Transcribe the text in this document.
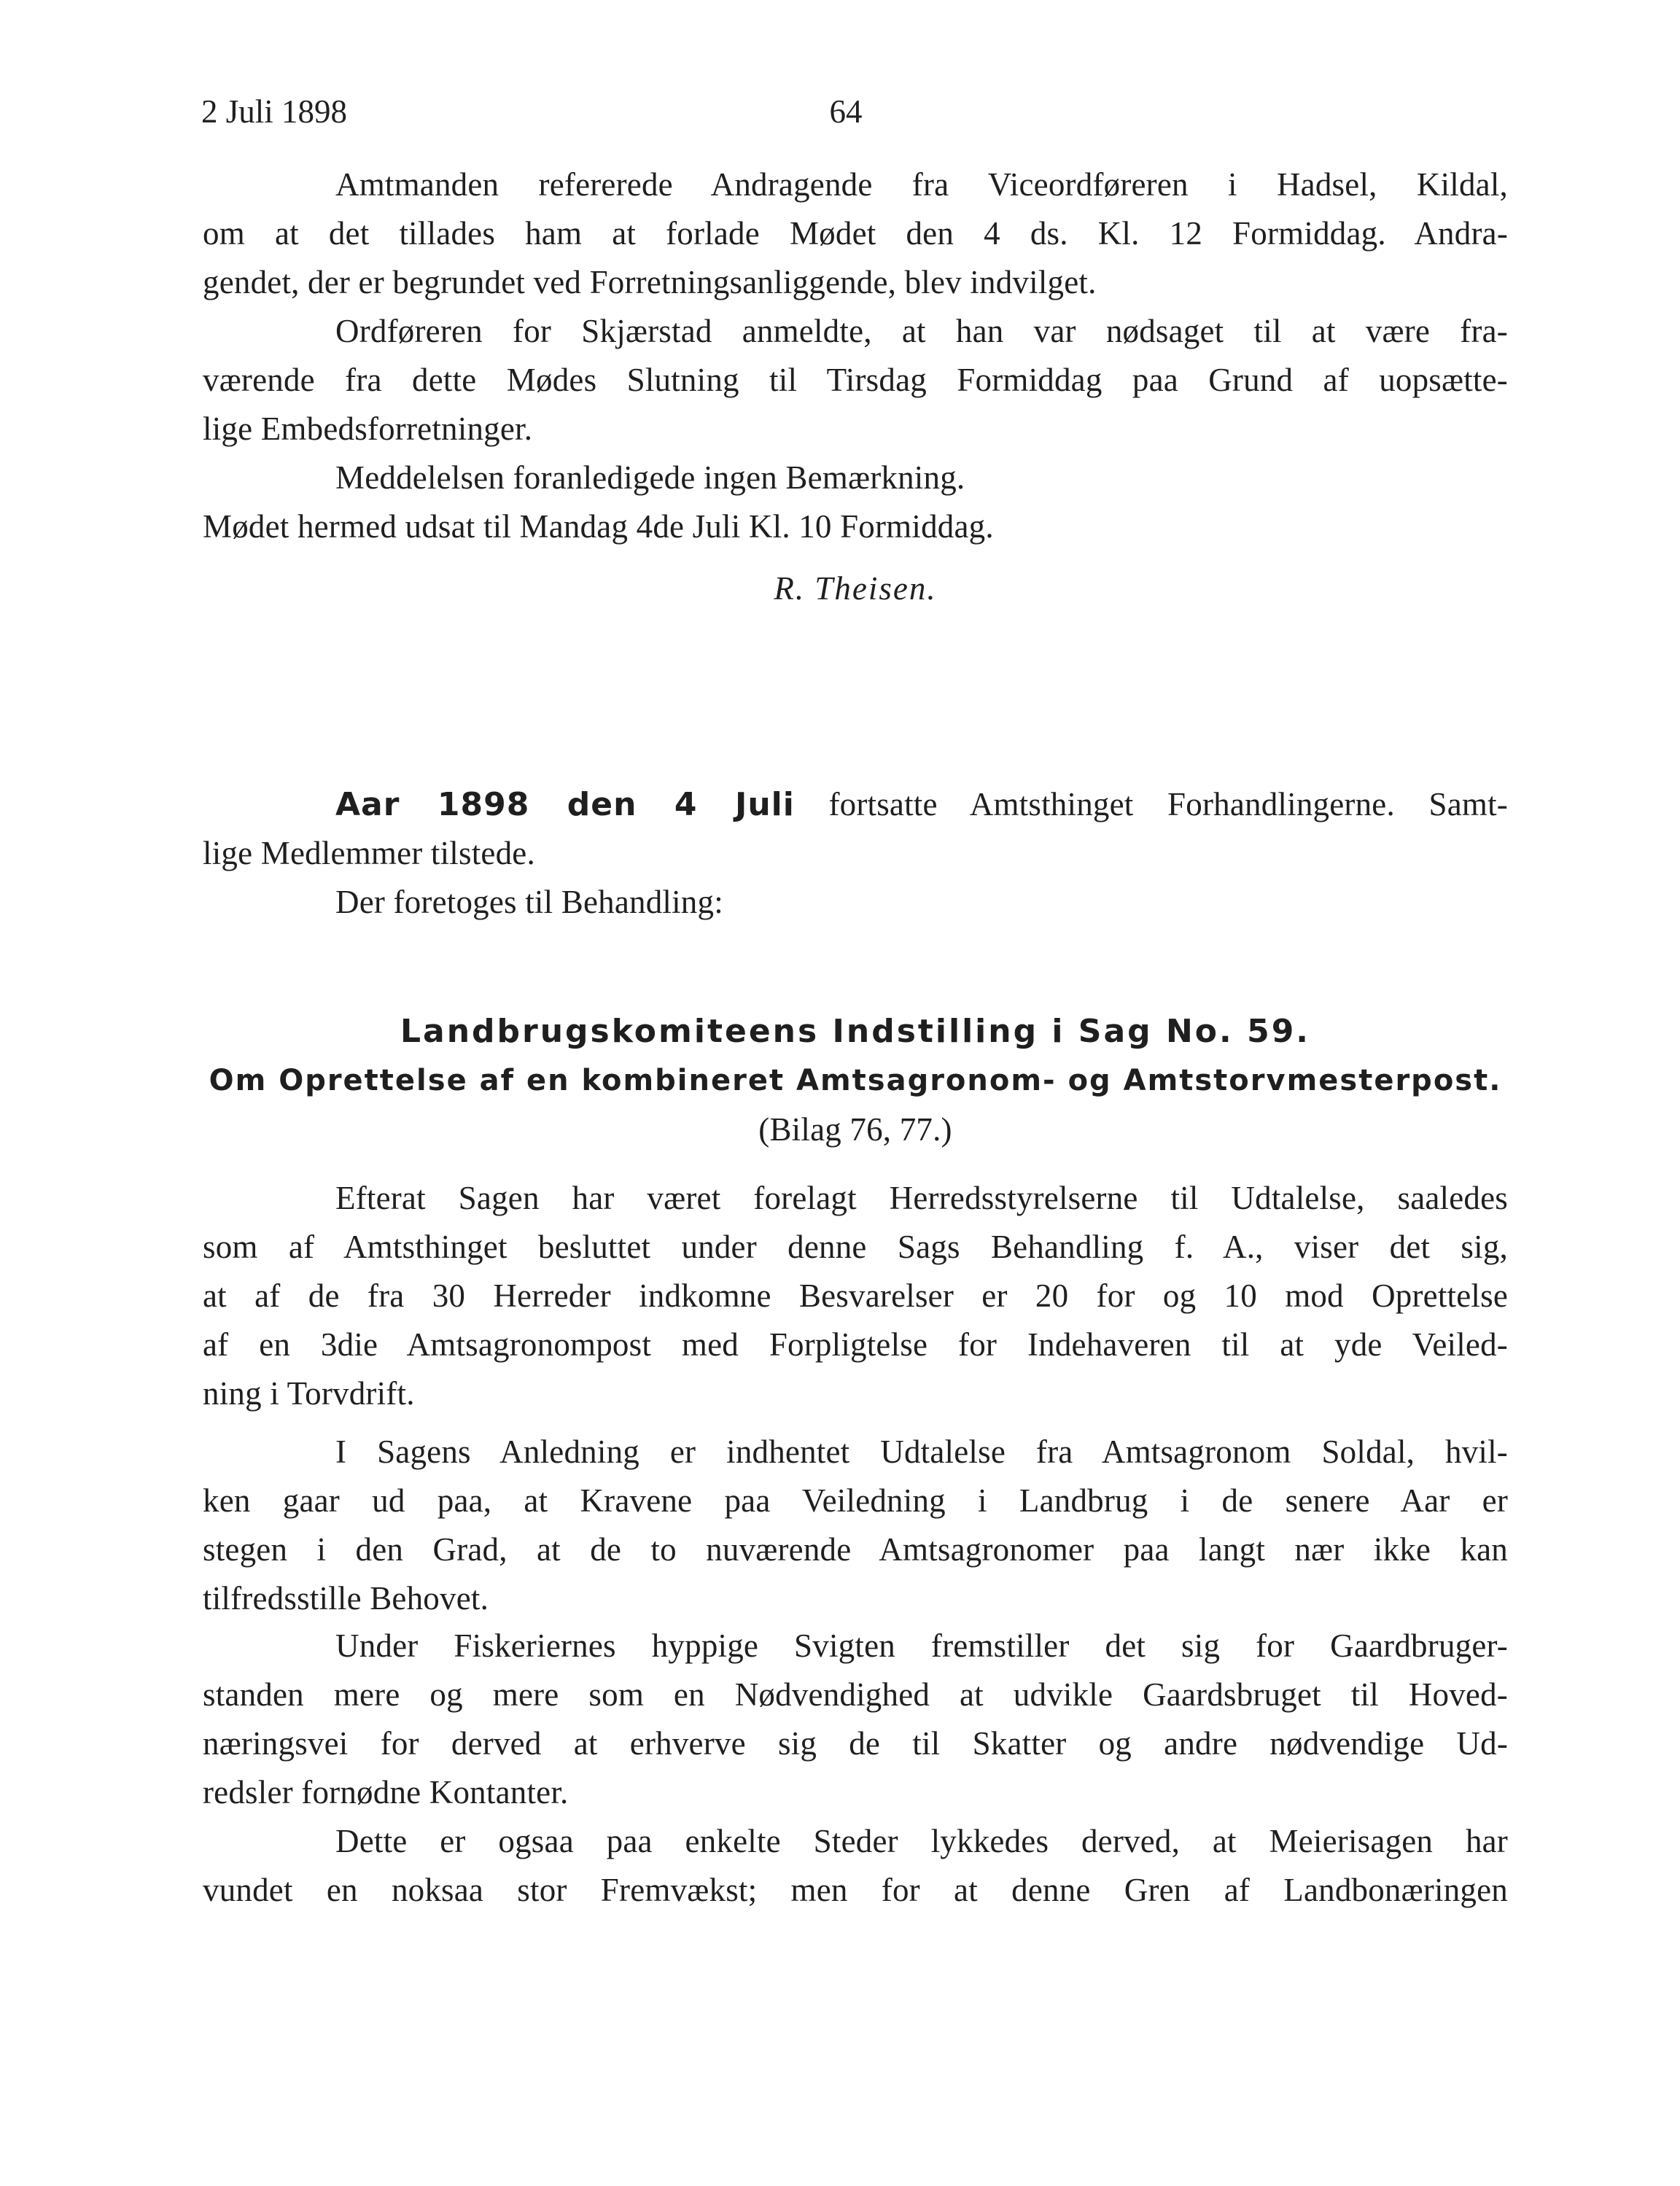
2 Juli 1898	64
Amtmanden refererede Andragende fra Viceordføreren i Hadsel, Kildal,
om at det tillades ham at forlade Mødet den 4 ds. Kl. 12 Formiddag. Andra-
gendet, der er begrundet ved Forretningsanliggende, blev indvilget.
Ordføreren for Skjærstad anmeldte, at han var nødsaget til at være fra-
værende fra dette Mødes Slutning til Tirsdag Formiddag paa Grund af uopsætte-
lige Embedsforretninger.
Meddelelsen foranledigede ingen Bemærkning.
Mødet hermed udsat til Mandag 4de Juli Kl. 10 Formiddag.
R. Theisen.
Aar 1898 den 4 Juli fortsatte Amtsthinget Forhandlingerne. Samt-
lige Medlemmer tilstede.
Der foretoges til Behandling:
Landbrugskomiteens Indstilling i Sag No. 59.
Om Oprettelse af en kombineret Amtsagronom- og Amtstorvmesterpost.
(Bilag 76, 77.)
Efterat Sagen har været forelagt Herredsstyrelserne til Udtalelse, saaledes
som af Amtsthinget besluttet under denne Sags Behandling f. A., viser det sig,
at af de fra 30 Herreder indkomne Besvarelser er 20 for og 10 mod Oprettelse
af en 3die Amtsagronompost med Forpligtelse for Indehaveren til at yde Veiled-
ning i Torvdrift.
I Sagens Anledning er indhentet Udtalelse fra Amtsagronom Soldal, hvil-
ken gaar ud paa, at Kravene paa Veiledning i Landbrug i de senere Aar er
stegen i den Grad, at de to nuværende Amtsagronomer paa langt nær ikke kan
tilfredsstille Behovet.
Under Fiskeriernes hyppige Svigten fremstiller det sig for Gaardbruger-
standen mere og mere som en Nødvendighed at udvikle Gaardsbruget til Hoved-
næringsvei for derved at erhverve sig de til Skatter og andre nødvendige Ud-
redsler fornødne Kontanter.
Dette er ogsaa paa enkelte Steder lykkedes derved, at Meierisagen har
vundet en noksaa stor Fremvækst; men for at denne Gren af Landbonæringen
